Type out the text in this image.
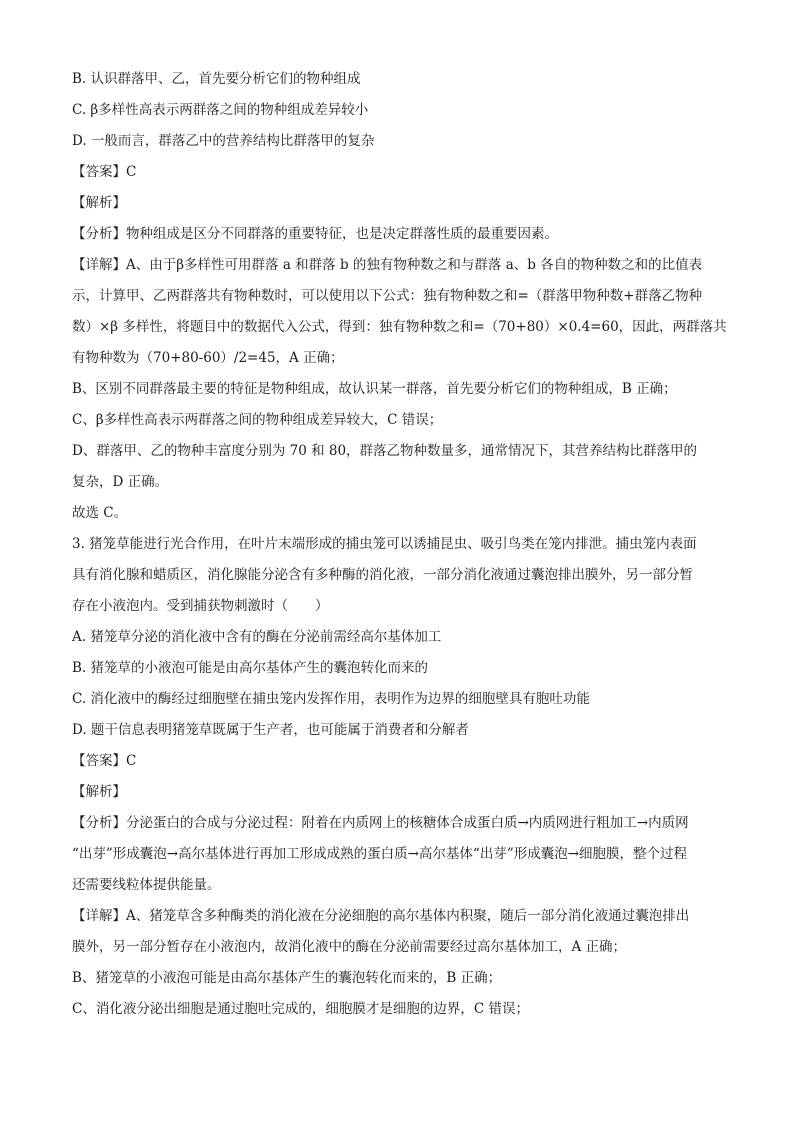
B. 认识群落甲、乙，首先要分析它们的物种组成
C. β多样性高表示两群落之间的物种组成差异较小
D. 一般而言，群落乙中的营养结构比群落甲的复杂
【答案】C
【解析】
【分析】物种组成是区分不同群落的重要特征，也是决定群落性质的最重要因素。
【详解】A、由于β多样性可用群落 a 和群落 b 的独有物种数之和与群落 a、b 各自的物种数之和的比值表
示，计算甲、乙两群落共有物种数时，可以使用以下公式：独有物种数之和=（群落甲物种数+群落乙物种
数）×β 多样性，将题目中的数据代入公式，得到：独有物种数之和=（70+80）×0.4=60，因此，两群落共
有物种数为（70+80-60）/2=45，A 正确；
B、区别不同群落最主要的特征是物种组成，故认识某一群落，首先要分析它们的物种组成，B 正确；
C、β多样性高表示两群落之间的物种组成差异较大，C 错误；
D、群落甲、乙的物种丰富度分别为 70 和 80，群落乙物种数量多，通常情况下，其营养结构比群落甲的
复杂，D 正确。
故选 C。
3. 猪笼草能进行光合作用，在叶片末端形成的捕虫笼可以诱捕昆虫、吸引鸟类在笼内排泄。捕虫笼内表面
具有消化腺和蜡质区，消化腺能分泌含有多种酶的消化液，一部分消化液通过囊泡排出膜外，另一部分暂
存在小液泡内。受到捕获物刺激时（　　）
A. 猪笼草分泌的消化液中含有的酶在分泌前需经高尔基体加工
B. 猪笼草的小液泡可能是由高尔基体产生的囊泡转化而来的
C. 消化液中的酶经过细胞壁在捕虫笼内发挥作用，表明作为边界的细胞壁具有胞吐功能
D. 题干信息表明猪笼草既属于生产者，也可能属于消费者和分解者
【答案】C
【解析】
【分析】分泌蛋白的合成与分泌过程：附着在内质网上的核糖体合成蛋白质→内质网进行粗加工→内质网
“出芽”形成囊泡→高尔基体进行再加工形成成熟的蛋白质→高尔基体“出芽”形成囊泡→细胞膜，整个过程
还需要线粒体提供能量。
【详解】A、猪笼草含多种酶类的消化液在分泌细胞的高尔基体内积聚，随后一部分消化液通过囊泡排出
膜外，另一部分暂存在小液泡内，故消化液中的酶在分泌前需要经过高尔基体加工，A 正确；
B、猪笼草的小液泡可能是由高尔基体产生的囊泡转化而来的，B 正确；
C、消化液分泌出细胞是通过胞吐完成的，细胞膜才是细胞的边界，C 错误；
